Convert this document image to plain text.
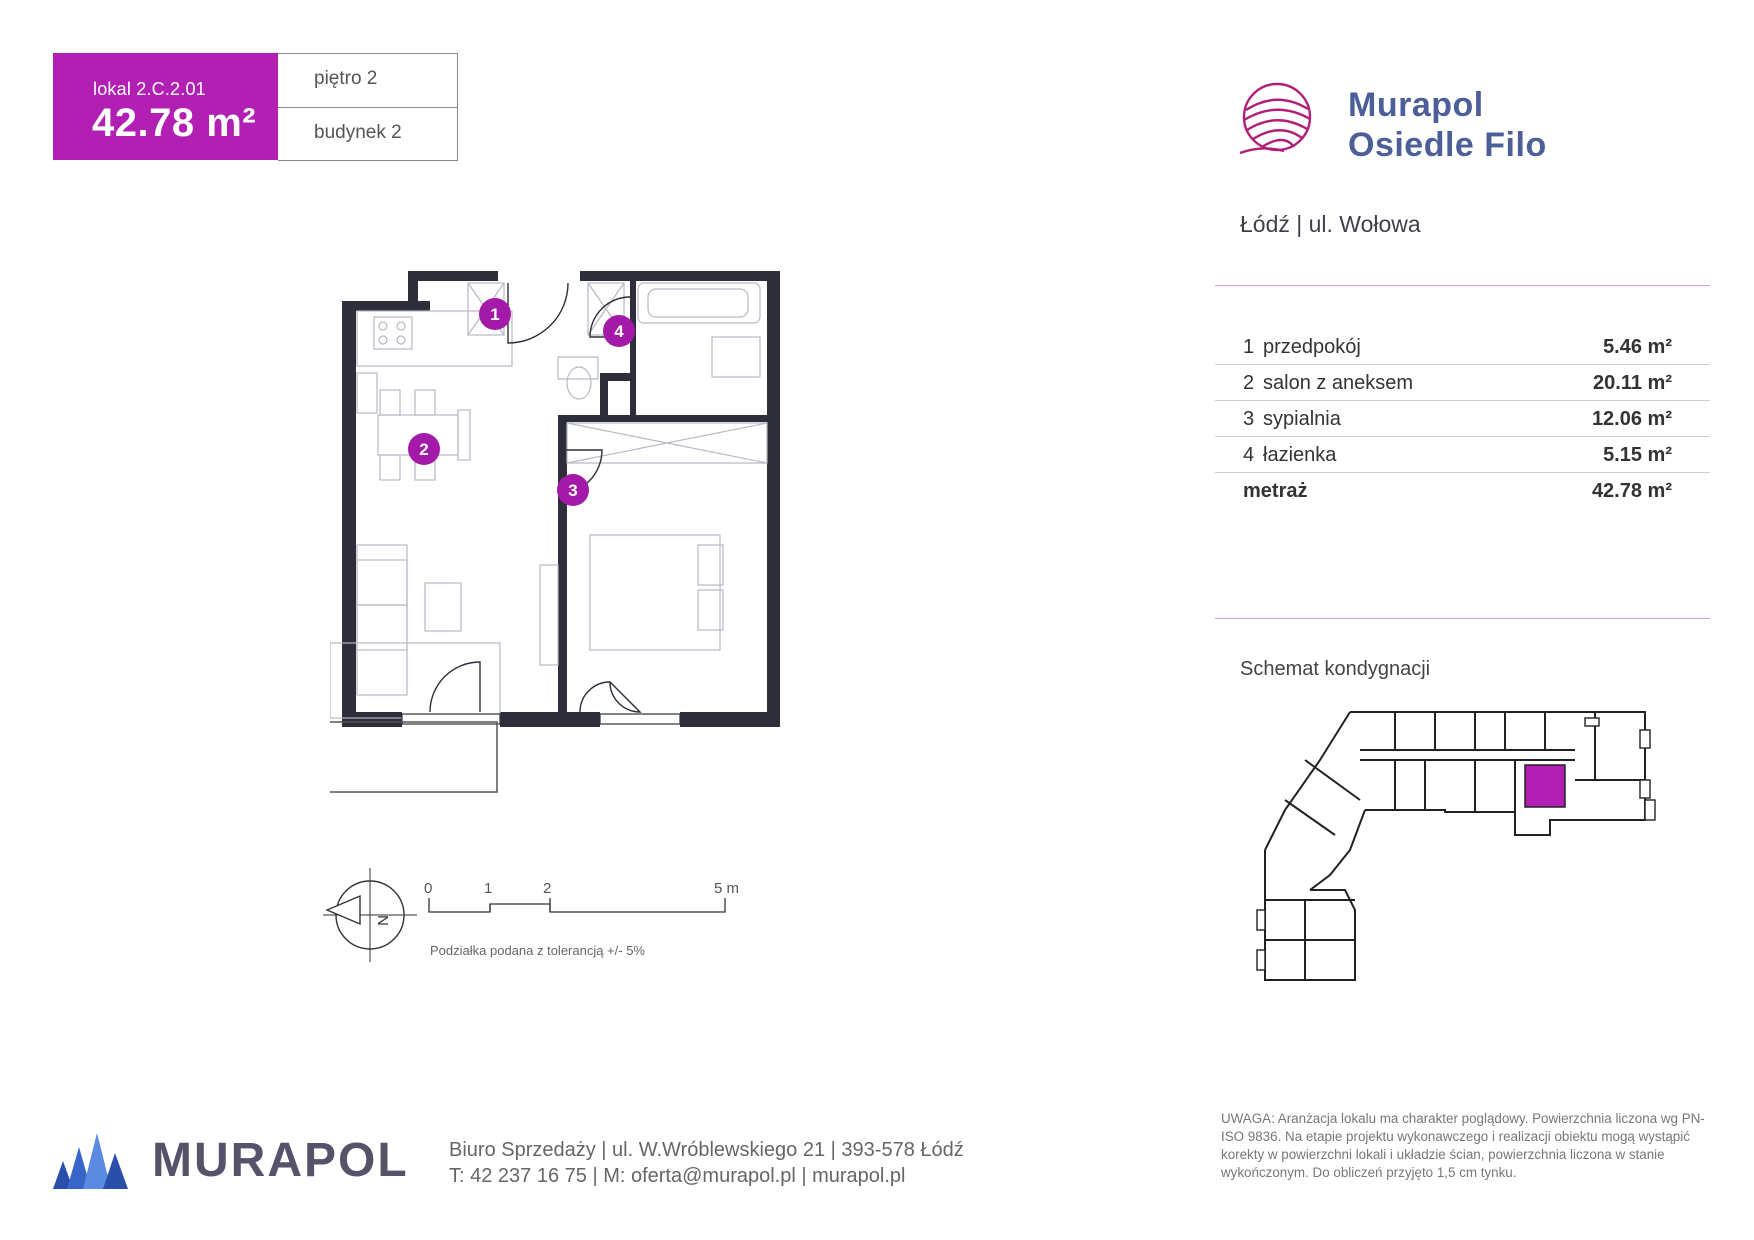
lokal 2.C.2.01
42.78 m²
piętro 2
budynek 2
Murapol
Osiedle Filo
Łódź | ul. Wołowa
1 przedpokój	5.46 m²
2 salon z aneksem	20.11 m²
3 sypialnia	12.06 m²
4 łazienka	5.15 m²
metraż	42.78 m²
Schemat kondygnacji
1
2
3
4
N
0	1	2	5 m
Podziałka podana z tolerancją +/- 5%
MURAPOL Biuro Sprzedaży | ul. W.Wróblewskiego 21 | 393-578 Łódź
T: 42 237 16 75 | M: oferta@murapol.pl | murapol.pl
UWAGA: Aranżacja lokalu ma charakter poglądowy. Powierzchnia liczona wg PN-ISO 9836. Na etapie projektu wykonawczego i realizacji obiektu mogą wystąpić korekty w powierzchni lokali i układzie ścian, powierzchnia liczona w stanie wykończonym. Do obliczeń przyjęto 1,5 cm tynku.
